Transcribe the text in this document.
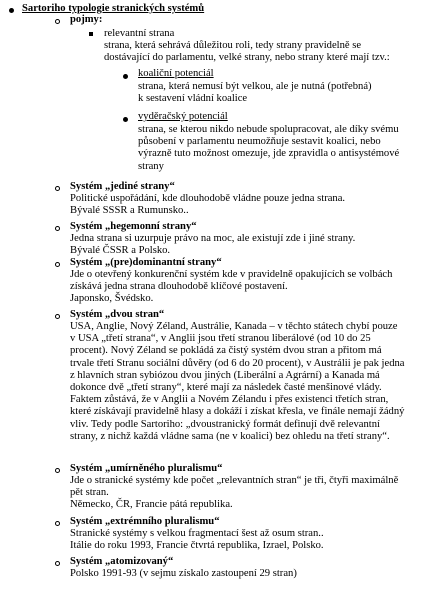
Sartoriho typologie stranických systémů
pojmy:
relevantní strana
strana, která sehrává důležitou roli, tedy strany pravidelně se
dostávající do parlamentu, velké strany, nebo strany které mají tzv.:
koaliční potenciál
strana, která nemusí být velkou, ale je nutná (potřebná)
k sestavení vládní koalice
vyděračský potenciál
strana, se kterou nikdo nebude spolupracovat, ale díky svému
působení v parlamentu neumožňuje sestavit koalici, nebo
výrazně tuto možnost omezuje, jde zpravidla o antisystémové
strany
Systém „jediné strany“
Politické uspořádání, kde dlouhodobě vládne pouze jedna strana.
Bývalé SSSR a Rumunsko..
Systém „hegemonní strany“
Jedna strana si uzurpuje právo na moc, ale existují zde i jiné strany.
Bývalé ČSSR a Polsko.
Systém „(pre)dominantní strany“
Jde o otevřený konkurenční systém kde v pravidelně opakujících se volbách
získává jedna strana dlouhodobě klíčové postavení.
Japonsko, Švédsko.
Systém „dvou stran“
USA, Anglie, Nový Zéland, Austrálie, Kanada – v těchto státech chybí pouze
v USA „třetí strana“, v Anglii jsou třetí stranou liberálové (od 10 do 25
procent). Nový Zéland se pokládá za čistý systém dvou stran a přitom má
trvale třetí Stranu sociální důvěry (od 6 do 20 procent), v Austrálii je pak jedna
z hlavních stran sybiózou dvou jiných (Liberální a Agrární) a Kanada má
dokonce dvě „třetí strany“, které mají za následek časté menšinové vlády.
Faktem zůstává, že v Anglii a Novém Zélandu i přes existenci třetích stran,
které získávají pravidelně hlasy a dokáží i získat křesla, ve finále nemají žádný
vliv. Tedy podle Sartoriho: „dvoustranický formát definují dvě relevantní
strany, z nichž každá vládne sama (ne v koalici) bez ohledu na třetí strany“.
Systém „umírněného pluralismu“
Jde o stranické systémy kde počet „relevantních stran“ je tři, čtyři maximálně
pět stran.
Německo, ČR, Francie pátá republika.
Systém „extrémního pluralismu“
Stranické systémy s velkou fragmentací šest až osum stran..
Itálie do roku 1993, Francie čtvrtá republika, Izrael, Polsko.
Systém „atomizovaný“
Polsko 1991-93 (v sejmu získalo zastoupení 29 stran)
